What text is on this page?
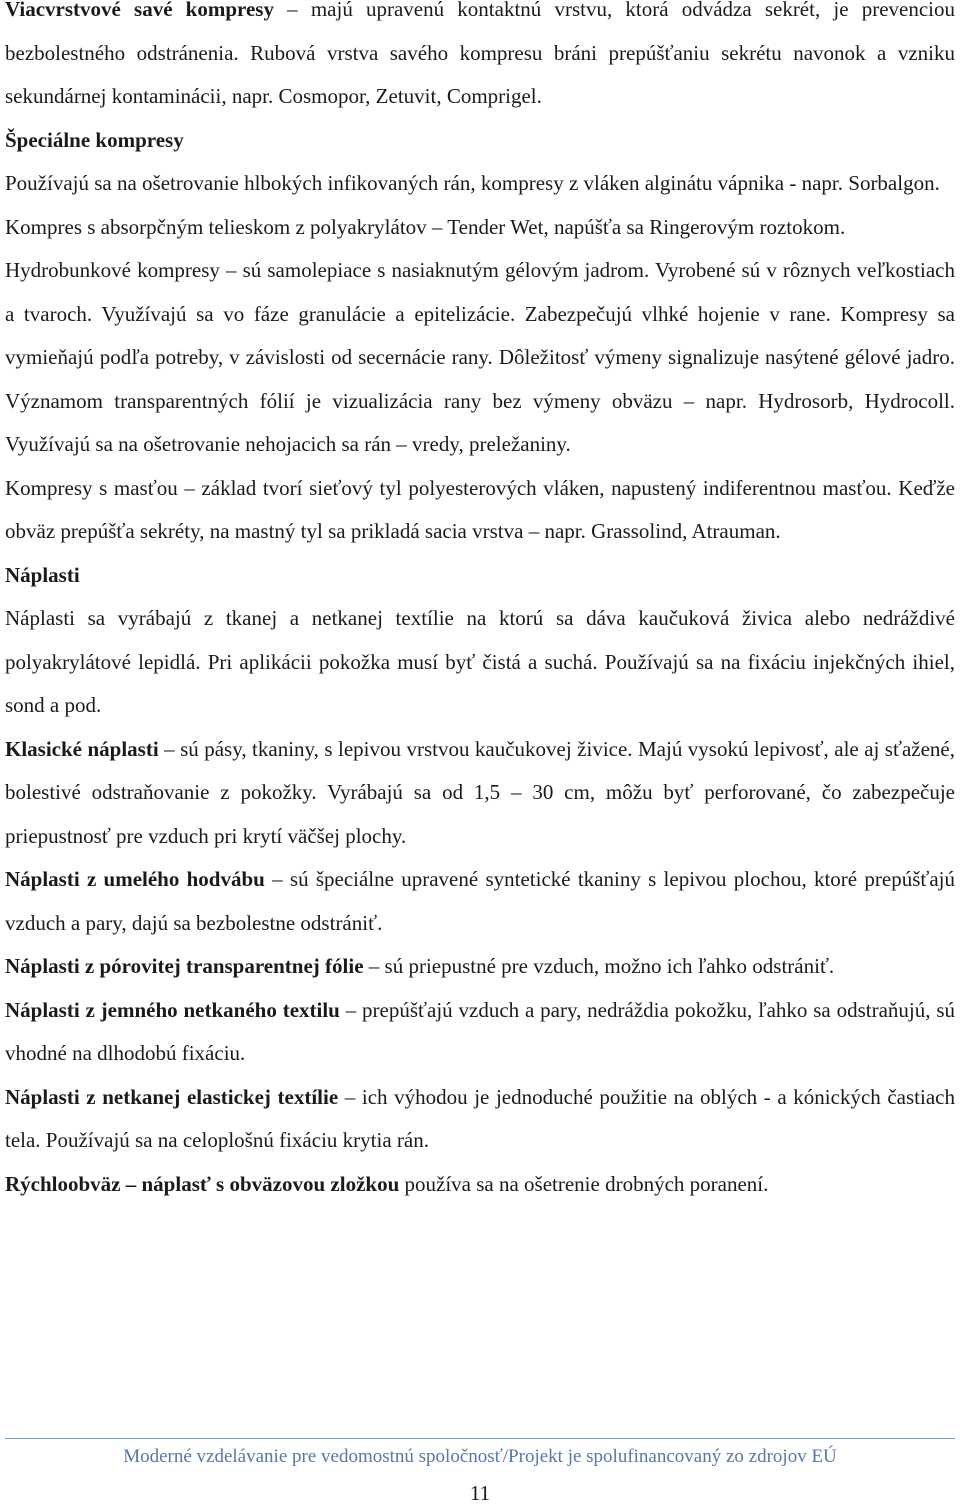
Viacvrstvové savé kompresy – majú upravenú kontaktnú vrstvu, ktorá odvádza sekrét, je prevenciou bezbolestného odstránenia. Rubová vrstva savého kompresu bráni prepúšťaniu sekrétu navonok a vzniku sekundárnej kontaminácii, napr. Cosmopor, Zetuvit, Comprigel.

Špeciálne kompresy

Používajú sa na ošetrovanie hlbokých infikovaných rán, kompresy z vláken alginátu vápnika - napr. Sorbalgon.

Kompres s absorpčným telieskom z polyakrylátov – Tender Wet, napúšťa sa Ringerovým roztokom.

Hydrobunkové kompresy – sú samolepiace s nasiaknutým gélovým jadrom. Vyrobené sú v rôznych veľkostiach a tvaroch. Využívajú sa vo fáze granulácie a epitelizácie. Zabezpečujú vlhké hojenie v rane. Kompresy sa vymieňajú podľa potreby, v závislosti od secernácie rany. Dôležitosť výmeny signalizuje nasýtené gélové jadro. Významom transparentných fólií je vizualizácia rany bez výmeny obväzu – napr. Hydrosorb, Hydrocoll. Využívajú sa na ošetrovanie nehojacich sa rán – vredy, preležaniny.

Kompresy s masťou – základ tvorí sieťový tyl polyesterových vláken, napustený indiferentnou masťou. Keďže obväz prepúšťa sekréty, na mastný tyl sa prikladá sacia vrstva – napr. Grassolind, Atrauman.

Náplasti

Náplasti sa vyrábajú z tkanej a netkanej textílie na ktorú sa dáva kaučuková živica alebo nedráždivé polyakrylátové lepidlá. Pri aplikácii pokožka musí byť čistá a suchá. Používajú sa na fixáciu injekčných ihiel, sond a pod.

Klasické náplasti – sú pásy, tkaniny, s lepivou vrstvou kaučukovej živice. Majú vysokú lepivosť, ale aj sťažené, bolestivé odstraňovanie z pokožky. Vyrábajú sa od 1,5 – 30 cm, môžu byť perforované, čo zabezpečuje priepustnosť pre vzduch pri krytí väčšej plochy.

Náplasti z umelého hodvábu – sú špeciálne upravené syntetické tkaniny s lepivou plochou, ktoré prepúšťajú vzduch a pary, dajú sa bezbolestne odstrániť.

Náplasti z pórovitej transparentnej fólie – sú priepustné pre vzduch, možno ich ľahko odstrániť.

Náplasti z jemného netkaného textilu – prepúšťajú vzduch a pary, nedráždia pokožku, ľahko sa odstraňujú, sú vhodné na dlhodobú fixáciu.

Náplasti z netkanej elastickej textílie – ich výhodou je jednoduché použitie na oblých - a kónických častiach tela. Používajú sa na celoplošnú fixáciu krytia rán.

Rýchloobväz – náplasť s obväzovou zložkou používa sa na ošetrenie drobných poranení.

Moderné vzdelávanie pre vedomostnú spoločnosť/Projekt je spolufinancovaný zo zdrojov EÚ
11
